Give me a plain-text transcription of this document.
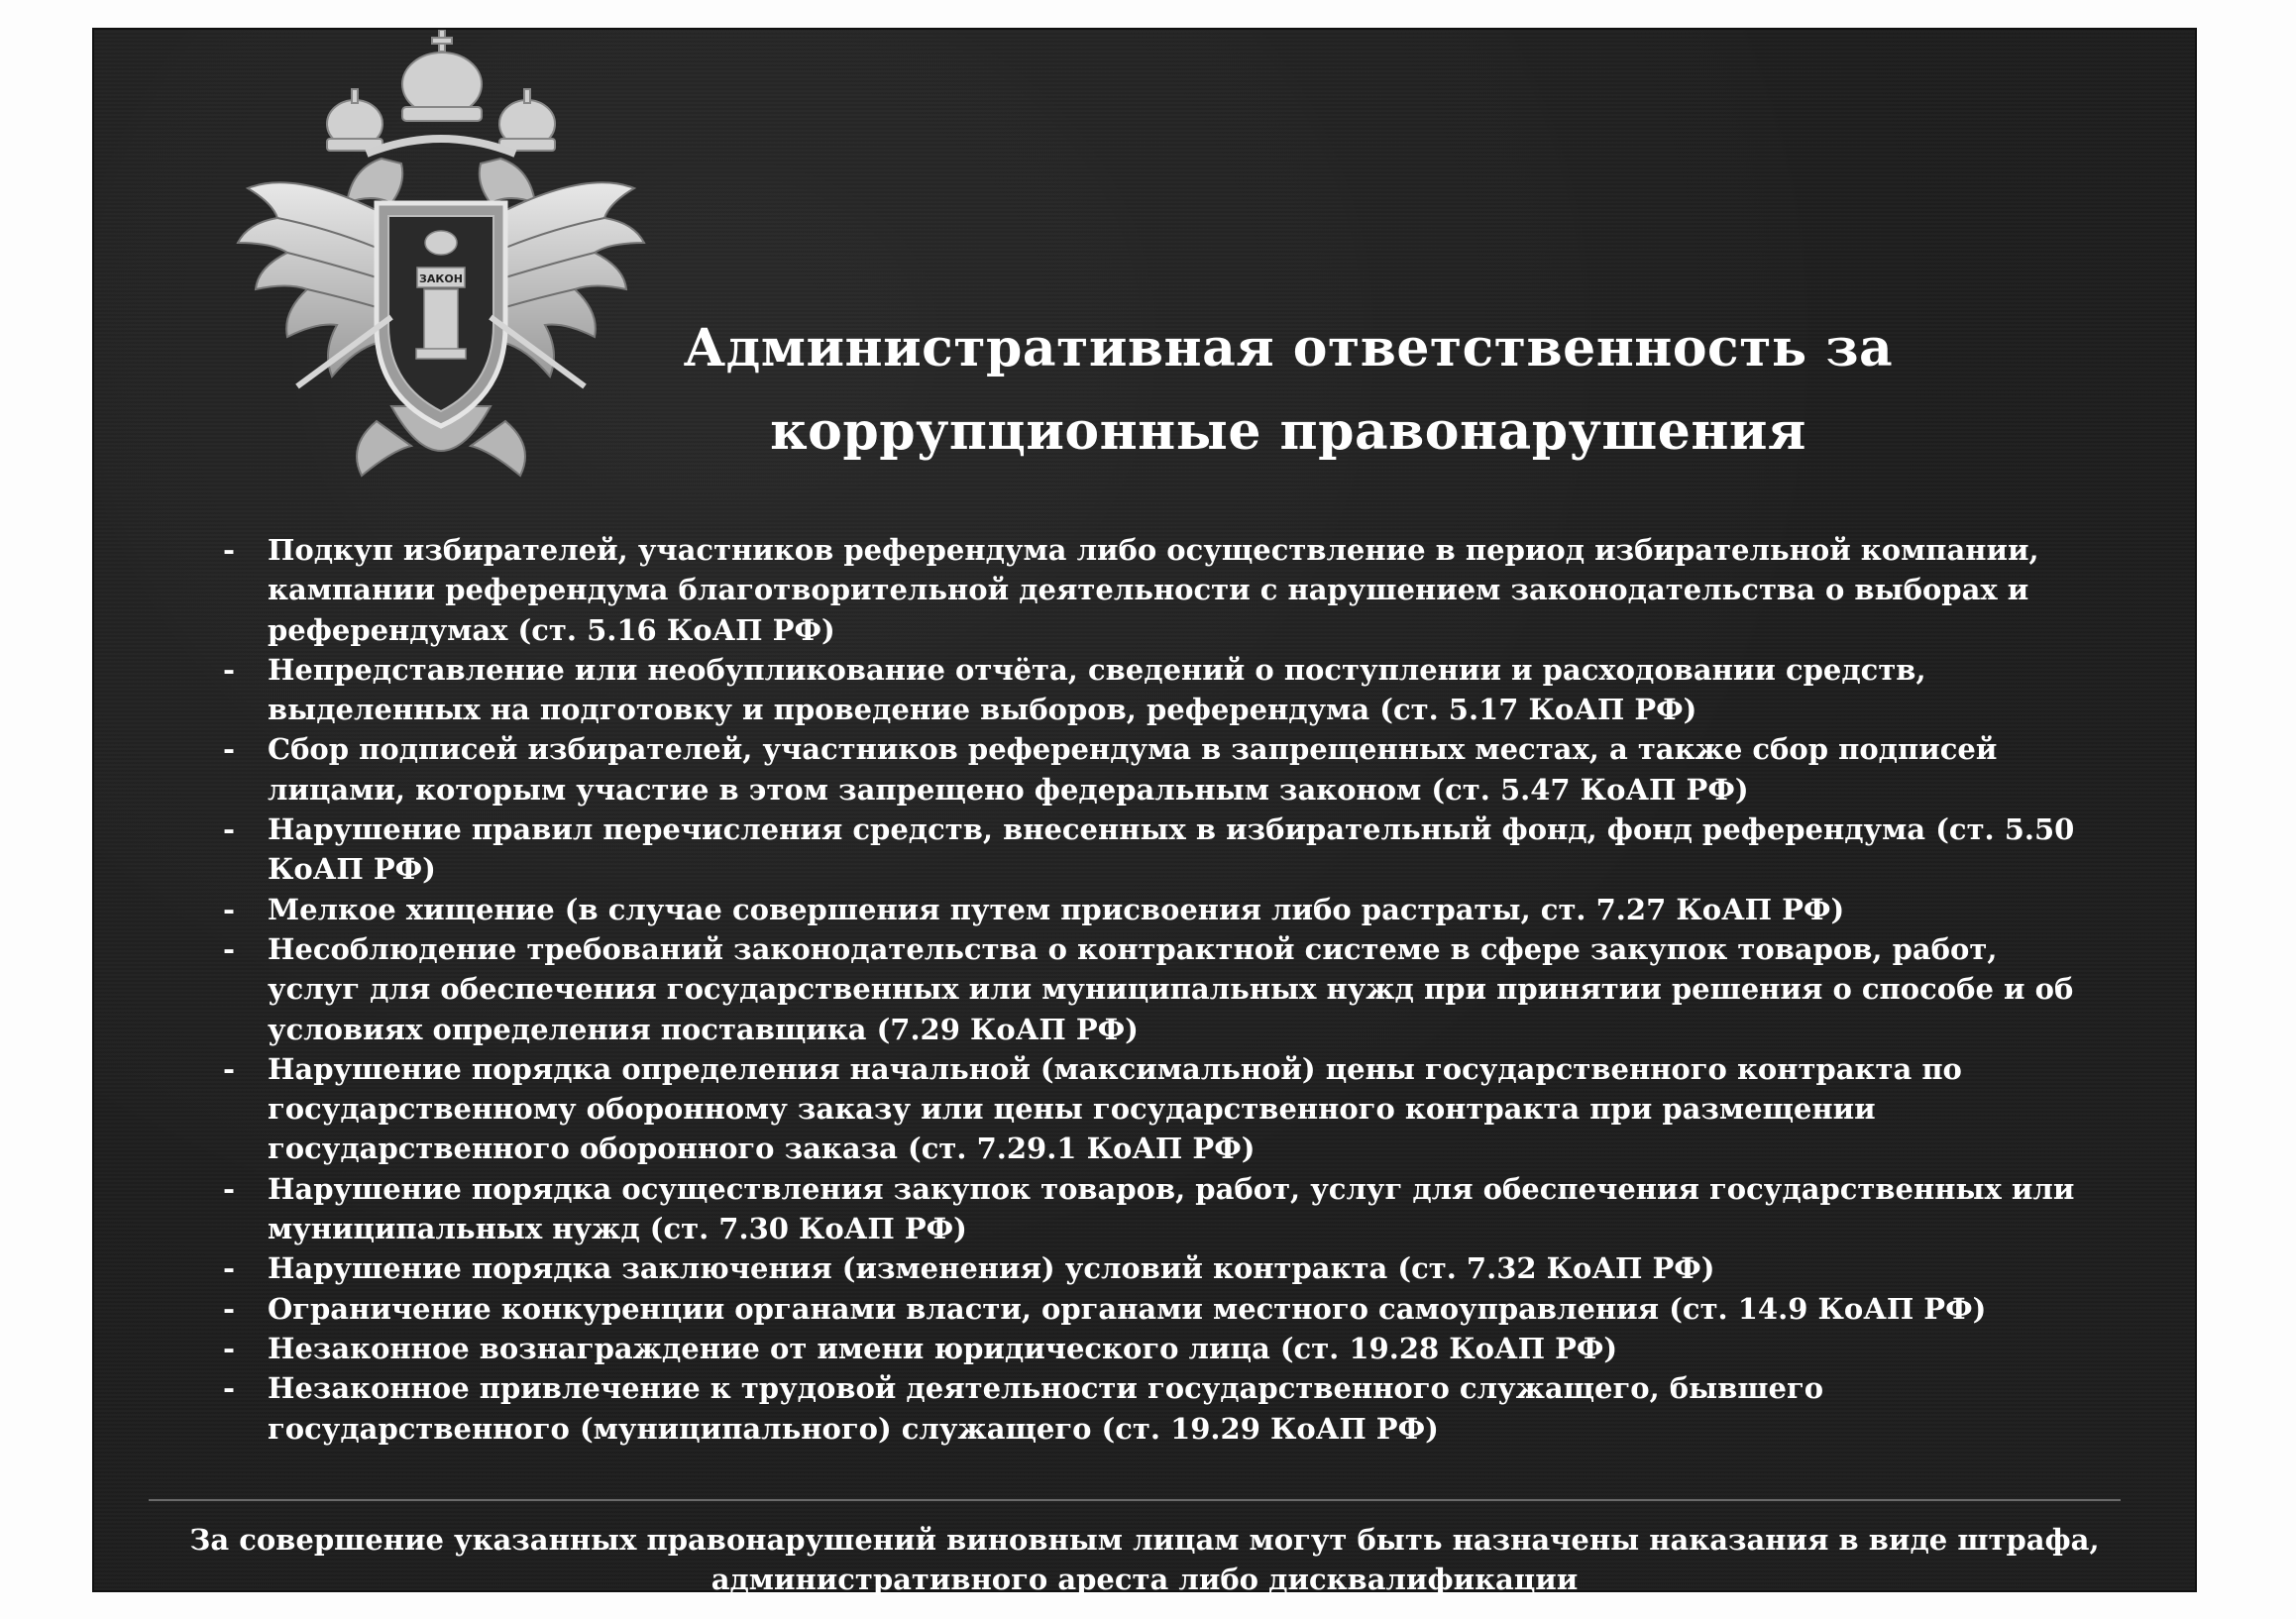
ЗАКОН
Административная ответственность за
коррупционные правонарушения
- Подкуп избирателей, участников референдума либо осуществление в период избирательной компании, кампании референдума благотворительной деятельности с нарушением законодательства о выборах и референдумах (ст. 5.16 КоАП РФ)
- Непредставление или необупликование отчёта, сведений о поступлении и расходовании средств, выделенных на подготовку и проведение выборов, референдума (ст. 5.17 КоАП РФ)
- Сбор подписей избирателей, участников референдума в запрещенных местах, а также сбор подписей лицами, которым участие в этом запрещено федеральным законом (ст. 5.47 КоАП РФ)
- Нарушение правил перечисления средств, внесенных в избирательный фонд, фонд референдума (ст. 5.50 КоАП РФ)
- Мелкое хищение (в случае совершения путем присвоения либо растраты, ст. 7.27 КоАП РФ)
- Несоблюдение требований законодательства о контрактной системе в сфере закупок товаров, работ, услуг для обеспечения государственных или муниципальных нужд при принятии решения о способе и об условиях определения поставщика (7.29 КоАП РФ)
- Нарушение порядка определения начальной (максимальной) цены государственного контракта по государственному оборонному заказу или цены государственного контракта при размещении государственного оборонного заказа (ст. 7.29.1 КоАП РФ)
- Нарушение порядка осуществления закупок товаров, работ, услуг для обеспечения государственных или муниципальных нужд (ст. 7.30 КоАП РФ)
- Нарушение порядка заключения (изменения) условий контракта (ст. 7.32 КоАП РФ)
- Ограничение конкуренции органами власти, органами местного самоуправления (ст. 14.9 КоАП РФ)
- Незаконное вознаграждение от имени юридического лица (ст. 19.28 КоАП РФ)
- Незаконное привлечение к трудовой деятельности государственного служащего, бывшего государственного (муниципального) служащего (ст. 19.29 КоАП РФ)
За совершение указанных правонарушений виновным лицам могут быть назначены наказания в виде штрафа,
административного ареста либо дисквалификации
